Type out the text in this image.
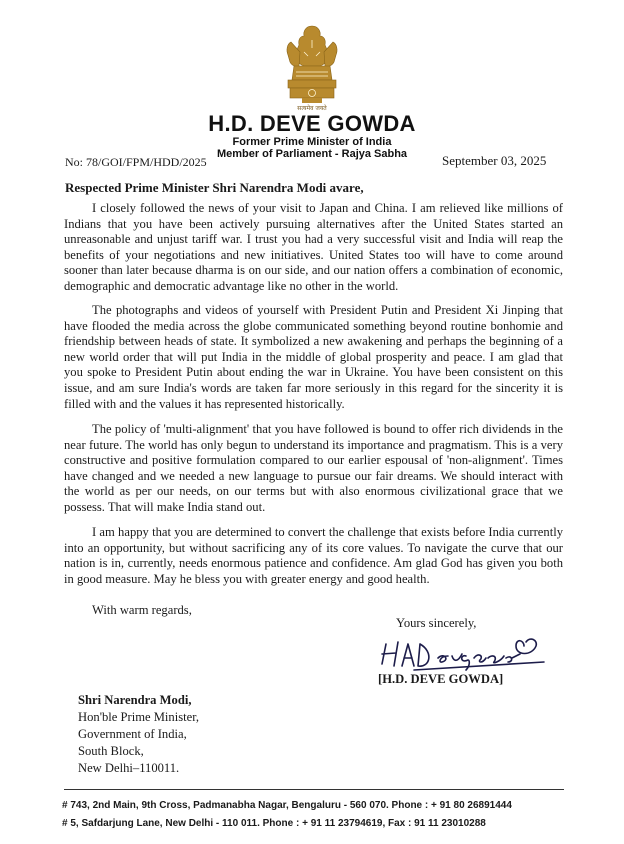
सत्यमेव जयते
H.D. DEVE GOWDA
Former Prime Minister of India
Member of Parliament - Rajya Sabha
No: 78/GOI/FPM/HDD/2025	September 03, 2025
Respected Prime Minister Shri Narendra Modi avare,

I closely followed the news of your visit to Japan and China. I am relieved like millions of Indians that you have been actively pursuing alternatives after the United States started an unreasonable and unjust tariff war. I trust you had a very successful visit and India will reap the benefits of your negotiations and new initiatives. United States too will have to come around sooner than later because dharma is on our side, and our nation offers a combination of economic, demographic and democratic advantage like no other in the world.

The photographs and videos of yourself with President Putin and President Xi Jinping that have flooded the media across the globe communicated something beyond routine bonhomie and friendship between heads of state. It symbolized a new awakening and perhaps the beginning of a new world order that will put India in the middle of global prosperity and peace. I am glad that you spoke to President Putin about ending the war in Ukraine. You have been consistent on this issue, and am sure India's words are taken far more seriously in this regard for the sincerity it is filled with and the values it has represented historically.

The policy of 'multi-alignment' that you have followed is bound to offer rich dividends in the near future. The world has only begun to understand its importance and pragmatism. This is a very constructive and positive formulation compared to our earlier espousal of 'non-alignment'. Times have changed and we needed a new language to pursue our fair dreams. We should interact with the world as per our needs, on our terms but with also enormous civilizational grace that we possess. That will make India stand out.

I am happy that you are determined to convert the challenge that exists before India currently into an opportunity, but without sacrificing any of its core values. To navigate the curve that our nation is in, currently, needs enormous patience and confidence. Am glad God has given you both in good measure. May he bless you with greater energy and good health.

With warm regards,
Yours sincerely,
[H.D. DEVE GOWDA]
Shri Narendra Modi,
Hon'ble Prime Minister,
Government of India,
South Block,
New Delhi–110011.
# 743, 2nd Main, 9th Cross, Padmanabha Nagar, Bengaluru - 560 070. Phone : + 91 80 26891444
# 5, Safdarjung Lane, New Delhi - 110 011. Phone : + 91 11 23794619, Fax : 91 11 23010288
